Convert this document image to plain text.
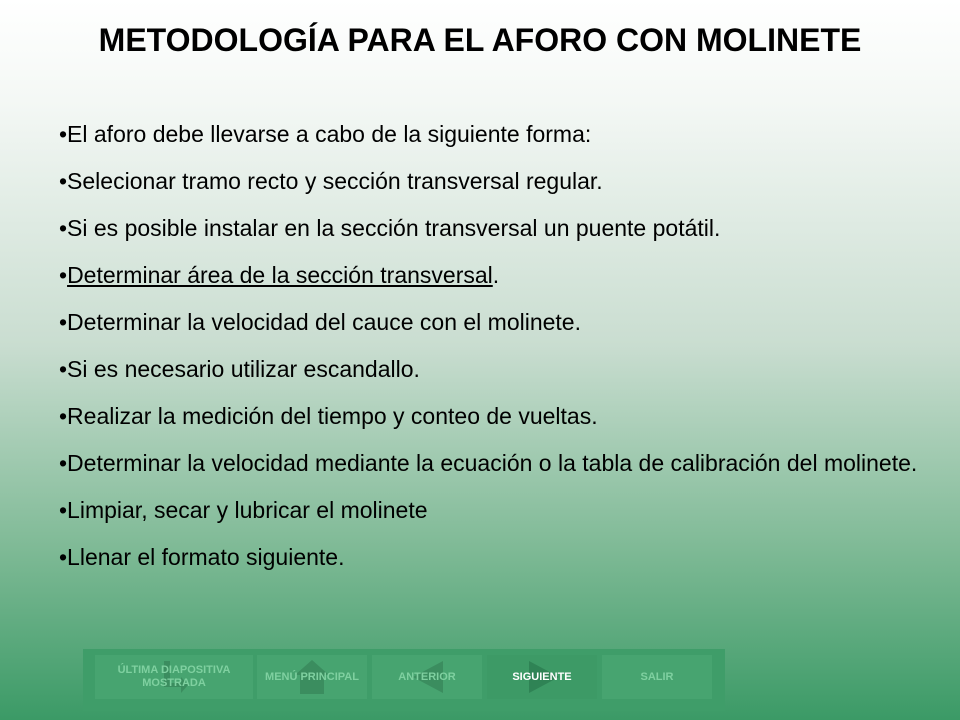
METODOLOGÍA PARA EL AFORO CON MOLINETE
•El aforo debe llevarse a cabo de la siguiente forma:
•Selecionar tramo recto y sección transversal regular.
•Si es posible instalar en la sección transversal un puente potátil.
•Determinar área de la sección transversal.
•Determinar la velocidad del cauce con el molinete.
•Si es necesario utilizar escandallo.
•Realizar la medición del tiempo y conteo de vueltas.
•Determinar la velocidad mediante la ecuación o la tabla de calibración del molinete.
•Limpiar, secar y lubricar el molinete
•Llenar el formato siguiente.
ÚLTIMA DIAPOSITIVA MOSTRADA
MENÚ PRINCIPAL	ANTERIOR	SIGUIENTE	SALIR
